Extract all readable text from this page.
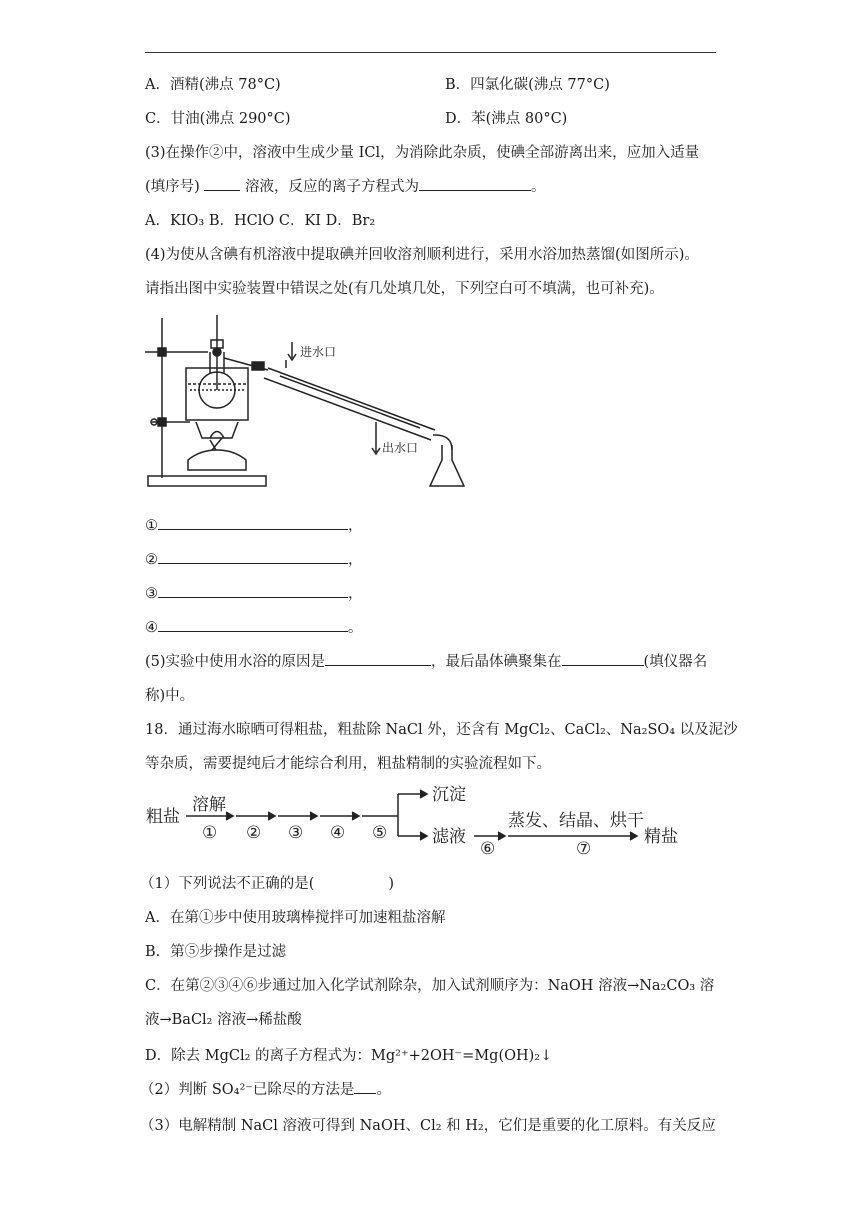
A．酒精(沸点 78°C)	B．四氯化碳(沸点 77°C)
C．甘油(沸点 290°C)	D．苯(沸点 80°C)
(3)在操作②中，溶液中生成少量 ICl，为消除此杂质，使碘全部游离出来，应加入适量
(填序号)	溶液，反应的离子方程式为	。
A．KIO₃ B．HClO C．KI D．Br₂
(4)为使从含碘有机溶液中提取碘并回收溶剂顺利进行，采用水浴加热蒸馏(如图所示)。
请指出图中实验装置中错误之处(有几处填几处，下列空白可不填满，也可补充)。
进水口
出水口
①	，
②	，
③	，
④	。
(5)实验中使用水浴的原因是	，最后晶体碘聚集在	(填仪器名
称)中。
18．通过海水晾晒可得粗盐，粗盐除 NaCl 外，还含有 MgCl₂、CaCl₂、Na₂SO₄ 以及泥沙
等杂质，需要提纯后才能综合利用，粗盐精制的实验流程如下。
粗盐
溶解
① ② ③ ④ ⑤
沉淀
滤液
⑥
蒸发、结晶、烘干
⑦
精盐
（1）下列说法不正确的是(	)
A．在第①步中使用玻璃棒搅拌可加速粗盐溶解
B．第⑤步操作是过滤
C．在第②③④⑥步通过加入化学试剂除杂，加入试剂顺序为：NaOH 溶液→Na₂CO₃ 溶
液→BaCl₂ 溶液→稀盐酸
D．除去 MgCl₂ 的离子方程式为：Mg²⁺+2OH⁻=Mg(OH)₂↓
（2）判断 SO₄²⁻已除尽的方法是 。
（3）电解精制 NaCl 溶液可得到 NaOH、Cl₂ 和 H₂，它们是重要的化工原料。有关反应
